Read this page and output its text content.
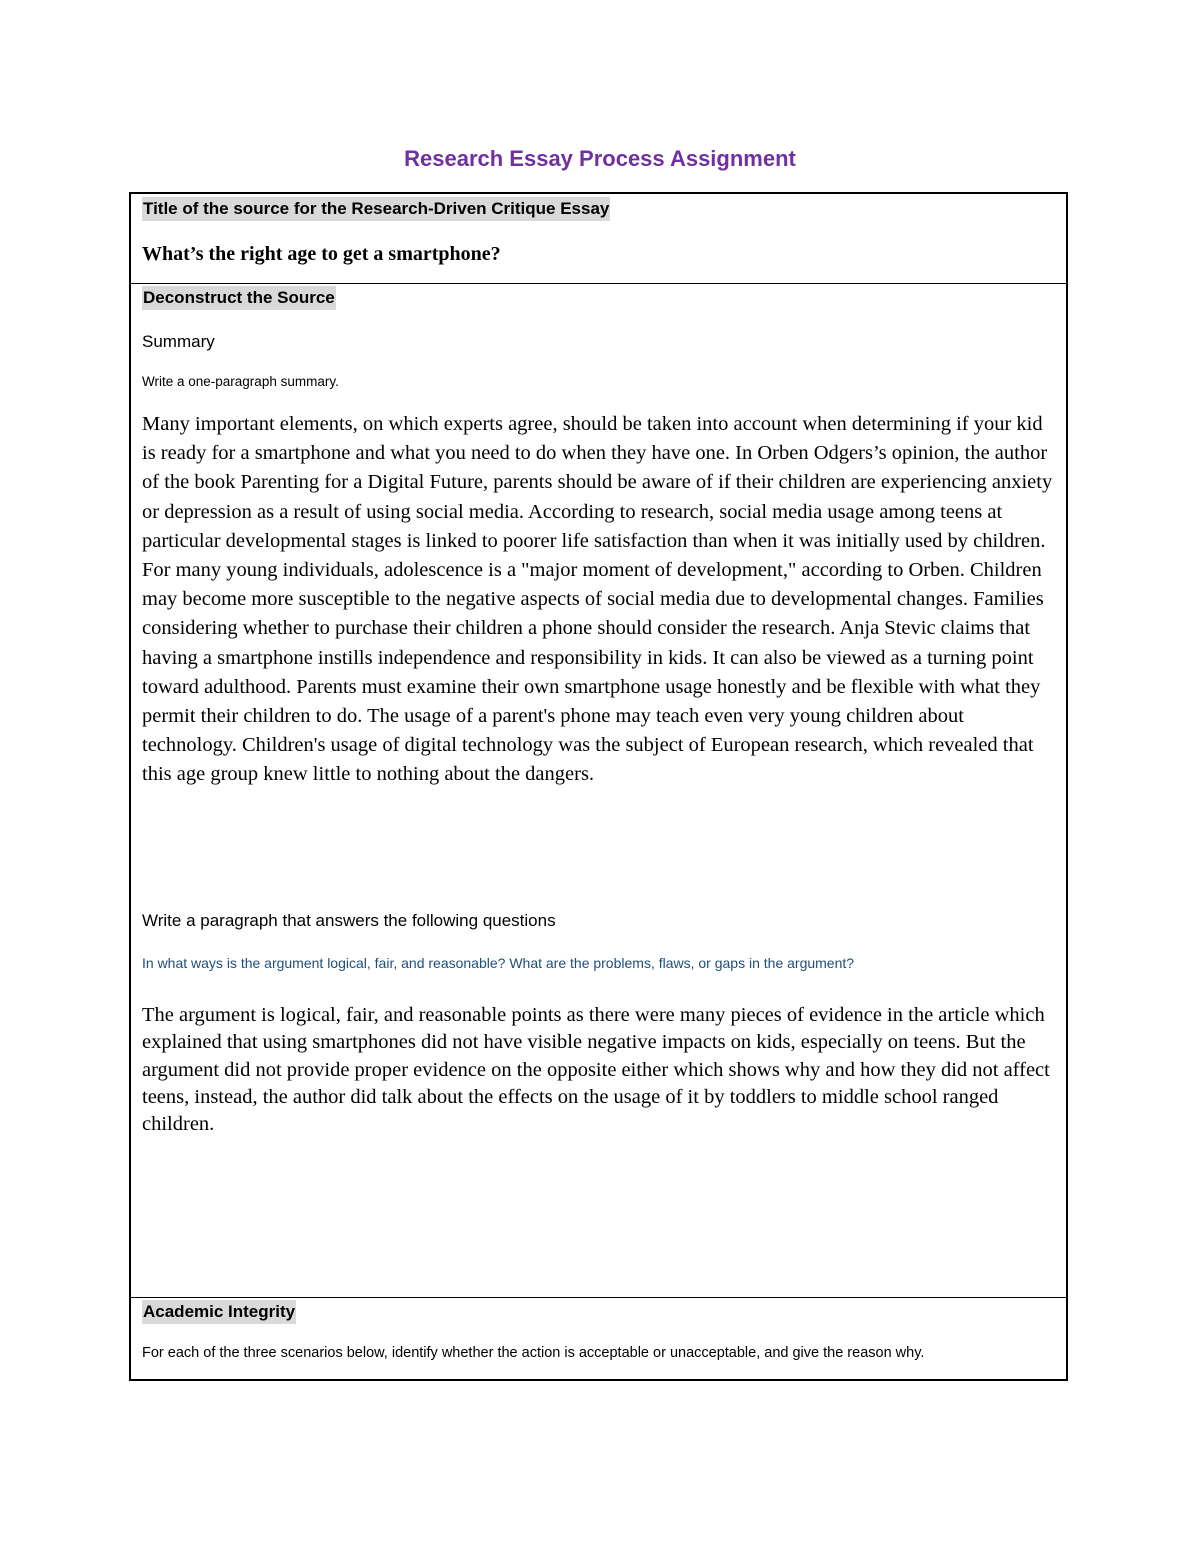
Research Essay Process Assignment
Title of the source for the Research-Driven Critique Essay
What’s the right age to get a smartphone?
Deconstruct the Source
Summary
Write a one-paragraph summary.

Many important elements, on which experts agree, should be taken into account when determining if your kid is ready for a smartphone and what you need to do when they have one. In Orben Odgers’s opinion, the author of the book Parenting for a Digital Future, parents should be aware of if their children are experiencing anxiety or depression as a result of using social media. According to research, social media usage among teens at particular developmental stages is linked to poorer life satisfaction than when it was initially used by children. For many young individuals, adolescence is a "major moment of development," according to Orben. Children may become more susceptible to the negative aspects of social media due to developmental changes. Families considering whether to purchase their children a phone should consider the research. Anja Stevic claims that having a smartphone instills independence and responsibility in kids. It can also be viewed as a turning point toward adulthood. Parents must examine their own smartphone usage honestly and be flexible with what they permit their children to do. The usage of a parent's phone may teach even very young children about technology. Children's usage of digital technology was the subject of European research, which revealed that this age group knew little to nothing about the dangers.

Write a paragraph that answers the following questions
In what ways is the argument logical, fair, and reasonable? What are the problems, flaws, or gaps in the argument?

The argument is logical, fair, and reasonable points as there were many pieces of evidence in the article which explained that using smartphones did not have visible negative impacts on kids, especially on teens. But the argument did not provide proper evidence on the opposite either which shows why and how they did not affect teens, instead, the author did talk about the effects on the usage of it by toddlers to middle school ranged children.

Academic Integrity
For each of the three scenarios below, identify whether the action is acceptable or unacceptable, and give the reason why.
